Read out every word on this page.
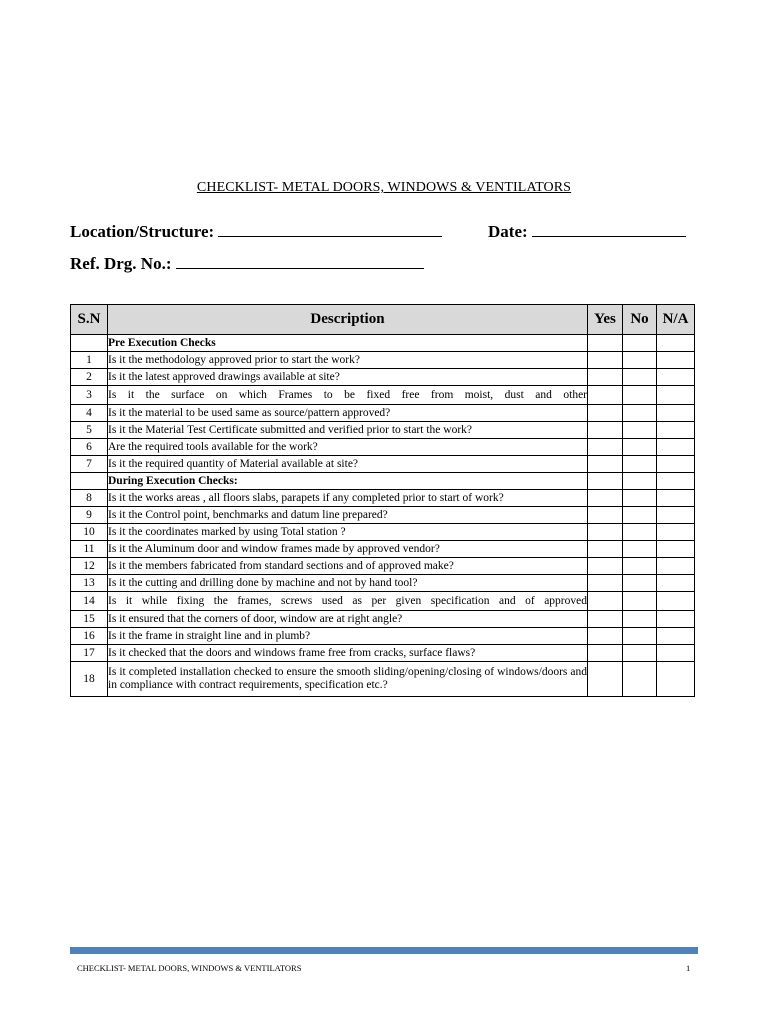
CHECKLIST- METAL DOORS, WINDOWS & VENTILATORS
Location/Structure:	Date:
Ref. Drg. No.:
S.N	Description	Yes	No	N/A
	Pre Execution Checks			
1	Is it the methodology approved prior to start the work?			
2	Is it the latest approved drawings available at site?			
3	Is it the surface on which Frames to be fixed free from moist, dust and other			
4	Is it the material to be used same as source/pattern approved?			
5	Is it the Material Test Certificate submitted and verified prior to start the work?			
6	Are the required tools available for the work?			
7	Is it the required quantity of Material available at site?			
	During Execution Checks:			
8	Is it the works areas , all floors slabs, parapets if any completed prior to start of work?			
9	Is it the Control point, benchmarks and datum line prepared?			
10	Is it the coordinates marked by using Total station ?			
11	Is it the Aluminum door and window frames made by approved vendor?			
12	Is it the members fabricated from standard sections and of approved make?			
13	Is it the cutting and drilling done by machine and not by hand tool?			
14	Is it while fixing the frames, screws used as per given specification and of approved			
15	Is it ensured that the corners of door, window are at right angle?			
16	Is it the frame in straight line and in plumb?			
17	Is it checked that the doors and windows frame free from cracks, surface flaws?			
18	Is it completed installation checked to ensure the smooth sliding/opening/closing of windows/doors and in compliance with contract requirements, specification etc.?			
CHECKLIST- METAL DOORS, WINDOWS & VENTILATORS	1
